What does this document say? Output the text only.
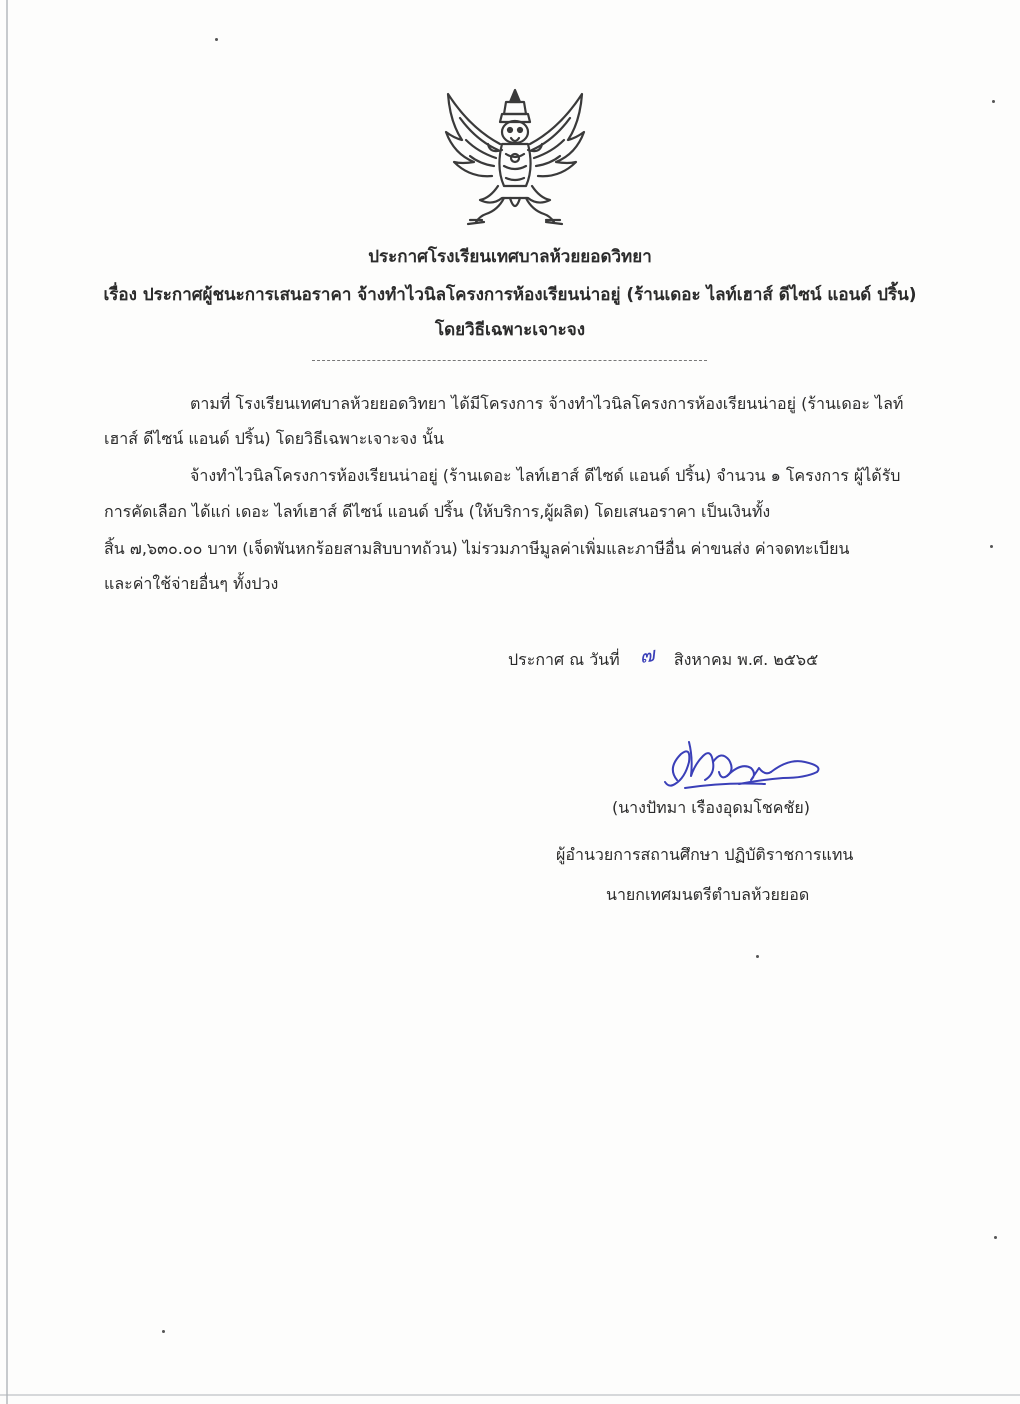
ประกาศโรงเรียนเทศบาลห้วยยอดวิทยา
เรื่อง ประกาศผู้ชนะการเสนอราคา จ้างทำไวนิลโครงการห้องเรียนน่าอยู่ (ร้านเดอะ ไลท์เฮาส์ ดีไซน์ แอนด์ ปริ้น)
โดยวิธีเฉพาะเจาะจง
ตามที่ โรงเรียนเทศบาลห้วยยอดวิทยา ได้มีโครงการ จ้างทำไวนิลโครงการห้องเรียนน่าอยู่ (ร้านเดอะ ไลท์
เฮาส์ ดีไซน์ แอนด์ ปริ้น) โดยวิธีเฉพาะเจาะจง นั้น
จ้างทำไวนิลโครงการห้องเรียนน่าอยู่ (ร้านเดอะ ไลท์เฮาส์ ดีไซด์ แอนด์ ปริ้น) จำนวน ๑ โครงการ ผู้ได้รับ
การคัดเลือก ได้แก่ เดอะ ไลท์เฮาส์ ดีไซน์ แอนด์ ปริ้น (ให้บริการ,ผู้ผลิต) โดยเสนอราคา เป็นเงินทั้ง
สิ้น ๗,๖๓๐.๐๐ บาท (เจ็ดพันหกร้อยสามสิบบาทถ้วน) ไม่รวมภาษีมูลค่าเพิ่มและภาษีอื่น ค่าขนส่ง ค่าจดทะเบียน
และค่าใช้จ่ายอื่นๆ ทั้งปวง
ประกาศ ณ วันที่ ๗ สิงหาคม พ.ศ. ๒๕๖๕
(นางปัทมา เรืองอุดมโชคชัย)
ผู้อำนวยการสถานศึกษา ปฏิบัติราชการแทน
นายกเทศมนตรีตำบลห้วยยอด
